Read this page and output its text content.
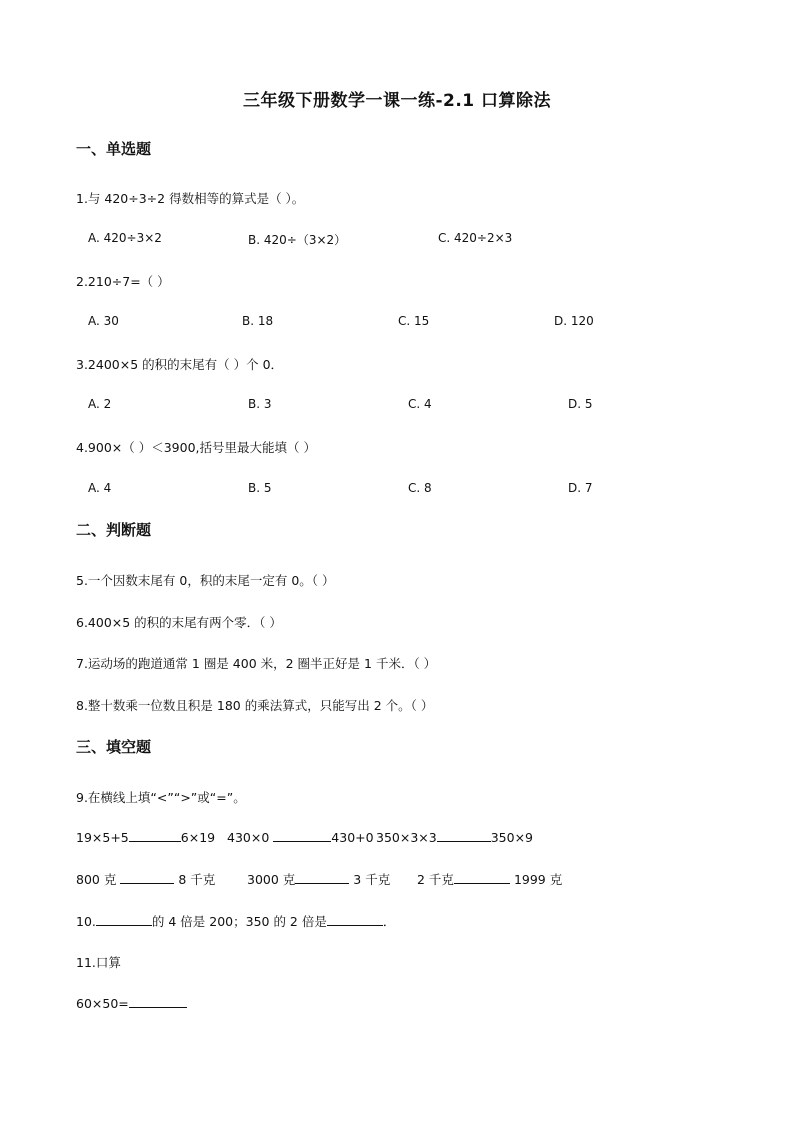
三年级下册数学一课一练-2.1 口算除法
一、单选题
1.与 420÷3÷2 得数相等的算式是（ ）。
A. 420÷3×2	B. 420÷（3×2）	C. 420÷2×3
2.210÷7=（ ）
A. 30	B. 18	C. 15	D. 120
3.2400×5 的积的末尾有（ ）个 0．
A. 2	B. 3	C. 4	D. 5
4.900×（ ）＜3900,括号里最大能填（ ）
A. 4	B. 5	C. 8	D. 7
二、判断题
5.一个因数末尾有 0，积的末尾一定有 0。（ ）
6.400×5 的积的末尾有两个零．（ ）
7.运动场的跑道通常 1 圈是 400 米，2 圈半正好是 1 千米．（ ）
8.整十数乘一位数且积是 180 的乘法算式，只能写出 2 个。（ ）
三、填空题
9.在横线上填“<”“>”或“=”。
19×5+5	6×19 430×0	430+0 350×3×3	350×9
800 克	8 千克	3000 克	3 千克 2 千克	1999 克
10.	的 4 倍是 200；350 的 2 倍是	．
11.口算
60×50=
